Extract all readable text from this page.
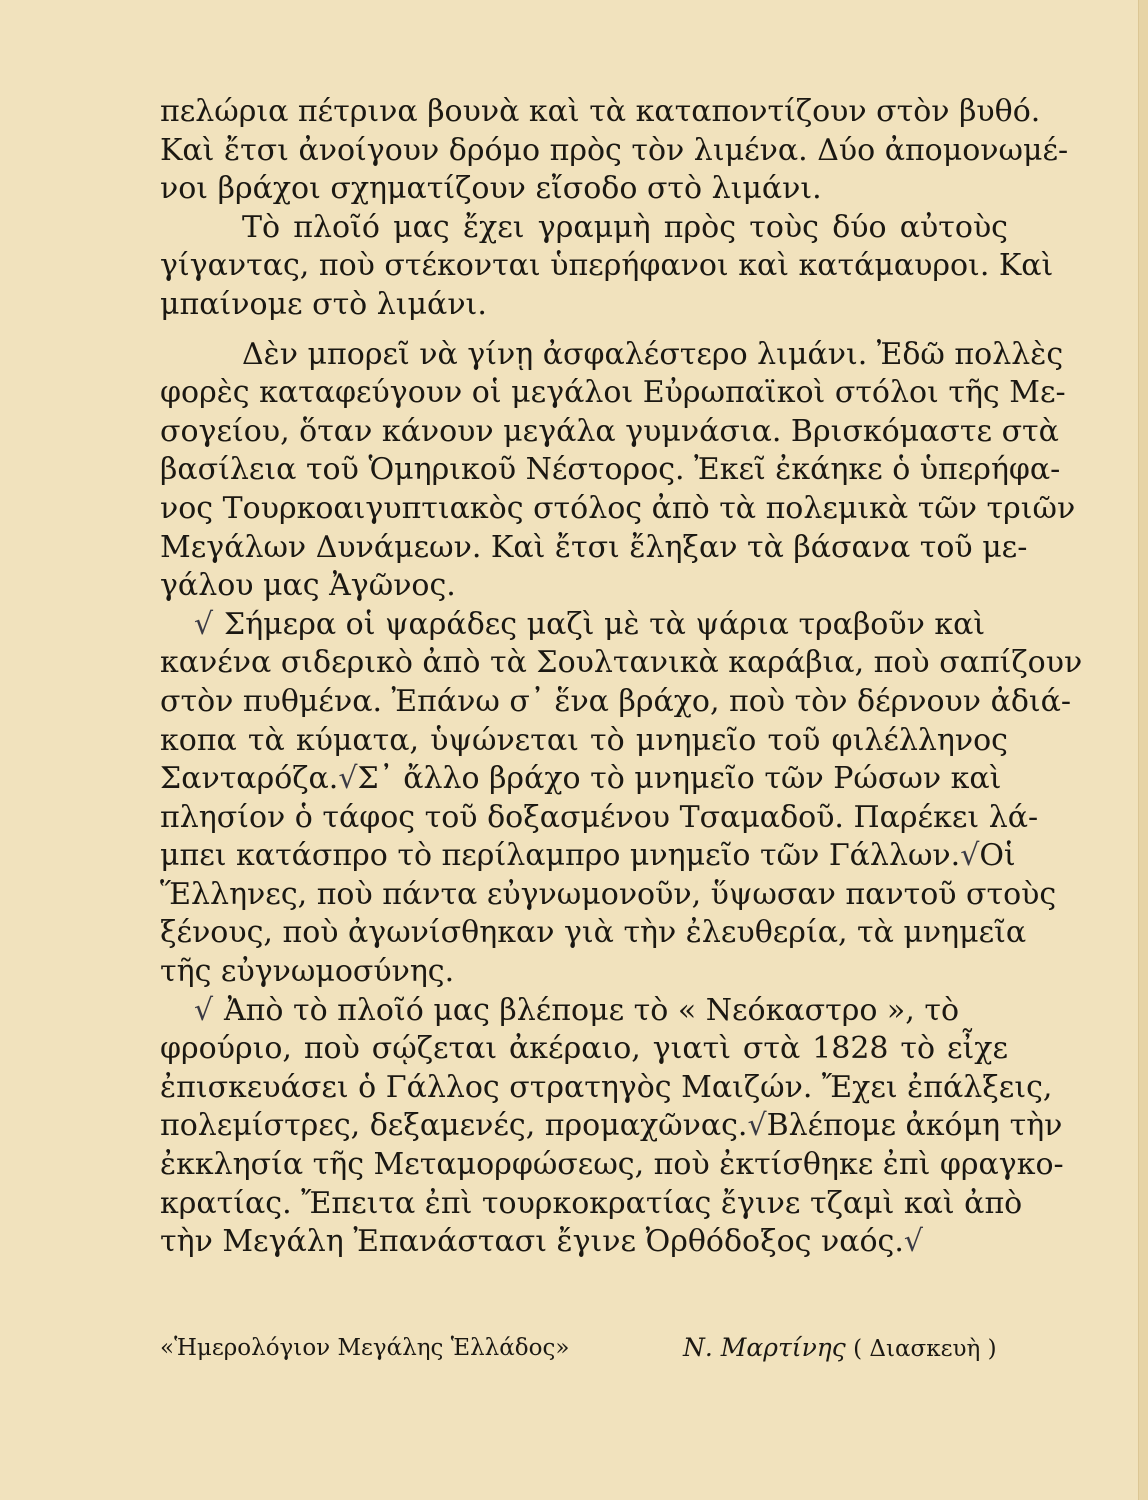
πελώρια πέτρινα βουνὰ καὶ τὰ καταποντίζουν στὸν βυθό.
Καὶ ἔτσι ἀνοίγουν δρόμο πρὸς τὸν λιμένα. Δύο ἀπομονωμέ-
νοι βράχοι σχηματίζουν εἴσοδο στὸ λιμάνι.
Τὸ πλοῖό μας ἔχει γραμμὴ πρὸς τοὺς δύο αὐτοὺς
γίγαντας, ποὺ στέκονται ὑπερήφανοι καὶ κατάμαυροι. Καὶ
μπαίνομε στὸ λιμάνι.
Δὲν μπορεῖ νὰ γίνῃ ἀσφαλέστερο λιμάνι. Ἐδῶ πολλὲς
φορὲς καταφεύγουν οἱ μεγάλοι Εὐρωπαϊκοὶ στόλοι τῆς Με-
σογείου, ὅταν κάνουν μεγάλα γυμνάσια. Βρισκόμαστε στὰ
βασίλεια τοῦ Ὁμηρικοῦ Νέστορος. Ἐκεῖ ἐκάηκε ὁ ὑπερήφα-
νος Τουρκοαιγυπτιακὸς στόλος ἀπὸ τὰ πολεμικὰ τῶν τριῶν
Μεγάλων Δυνάμεων. Καὶ ἔτσι ἔληξαν τὰ βάσανα τοῦ με-
γάλου μας Ἀγῶνος.
√ Σήμερα οἱ ψαράδες μαζὶ μὲ τὰ ψάρια τραβοῦν καὶ
κανένα σιδερικὸ ἀπὸ τὰ Σουλτανικὰ καράβια, ποὺ σαπίζουν
στὸν πυθμένα. Ἐπάνω σ᾽ ἕνα βράχο, ποὺ τὸν δέρνουν ἀδιά-
κοπα τὰ κύματα, ὑψώνεται τὸ μνημεῖο τοῦ φιλέλληνος
Σανταρόζα.√Σ᾽ ἄλλο βράχο τὸ μνημεῖο τῶν Ρώσων καὶ
πλησίον ὁ τάφος τοῦ δοξασμένου Τσαμαδοῦ. Παρέκει λά-
μπει κατάσπρο τὸ περίλαμπρο μνημεῖο τῶν Γάλλων.√Οἱ
Ἕλληνες, ποὺ πάντα εὐγνωμονοῦν, ὕψωσαν παντοῦ στοὺς
ξένους, ποὺ ἀγωνίσθηκαν γιὰ τὴν ἐλευθερία, τὰ μνημεῖα
τῆς εὐγνωμοσύνης.
√ Ἀπὸ τὸ πλοῖό μας βλέπομε τὸ « Νεόκαστρο », τὸ
φρούριο, ποὺ σῴζεται ἀκέραιο, γιατὶ στὰ 1828 τὸ εἶχε
ἐπισκευάσει ὁ Γάλλος στρατηγὸς Μαιζών. Ἔχει ἐπάλξεις,
πολεμίστρες, δεξαμενές, προμαχῶνας.√Βλέπομε ἀκόμη τὴν
ἐκκλησία τῆς Μεταμορφώσεως, ποὺ ἐκτίσθηκε ἐπὶ φραγκο-
κρατίας. Ἔπειτα ἐπὶ τουρκοκρατίας ἔγινε τζαμὶ καὶ ἀπὸ
τὴν Μεγάλη Ἐπανάστασι ἔγινε Ὀρθόδοξος ναός.√
«Ἡμερολόγιον Μεγάλης Ἑλλάδος»	Ν. Μαρτίνης ( Διασκευὴ )
